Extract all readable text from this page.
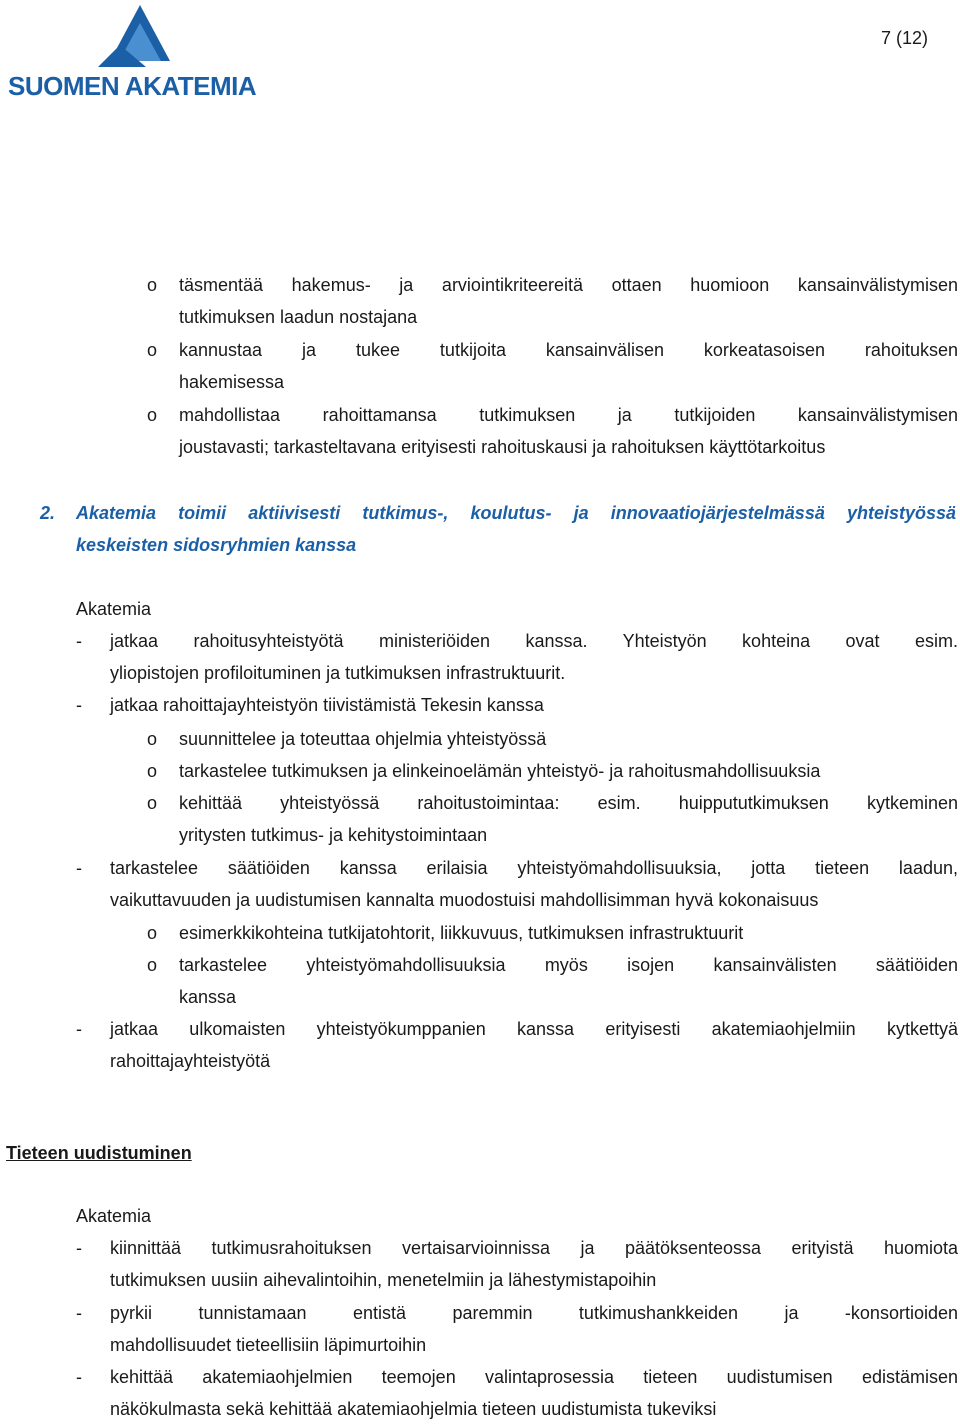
SUOMEN AKATEMIA
7 (12)
o täsmentää hakemus- ja arviointikriteereitä ottaen huomioon kansainvälistymisen
tutkimuksen laadun nostajana
o kannustaa ja tukee tutkijoita kansainvälisen korkeatasoisen rahoituksen
hakemisessa
o mahdollistaa rahoittamansa tutkimuksen ja tutkijoiden kansainvälistymisen
joustavasti; tarkasteltavana erityisesti rahoituskausi ja rahoituksen käyttötarkoitus
2. Akatemia toimii aktiivisesti tutkimus-, koulutus- ja innovaatiojärjestelmässä yhteistyössä
keskeisten sidosryhmien kanssa
Akatemia
- jatkaa rahoitusyhteistyötä ministeriöiden kanssa. Yhteistyön kohteina ovat esim.
yliopistojen profiloituminen ja tutkimuksen infrastruktuurit.
- jatkaa rahoittajayhteistyön tiivistämistä Tekesin kanssa
o suunnittelee ja toteuttaa ohjelmia yhteistyössä
o tarkastelee tutkimuksen ja elinkeinoelämän yhteistyö- ja rahoitusmahdollisuuksia
o kehittää yhteistyössä rahoitustoimintaa: esim. huippututkimuksen kytkeminen
yritysten tutkimus- ja kehitystoimintaan
- tarkastelee säätiöiden kanssa erilaisia yhteistyömahdollisuuksia, jotta tieteen laadun,
vaikuttavuuden ja uudistumisen kannalta muodostuisi mahdollisimman hyvä kokonaisuus
o esimerkkikohteina tutkijatohtorit, liikkuvuus, tutkimuksen infrastruktuurit
o tarkastelee yhteistyömahdollisuuksia myös isojen kansainvälisten säätiöiden
kanssa
- jatkaa ulkomaisten yhteistyökumppanien kanssa erityisesti akatemiaohjelmiin kytkettyä
rahoittajayhteistyötä
Tieteen uudistuminen
Akatemia
- kiinnittää tutkimusrahoituksen vertaisarvioinnissa ja päätöksenteossa erityistä huomiota
tutkimuksen uusiin aihevalintoihin, menetelmiin ja lähestymistapoihin
- pyrkii tunnistamaan entistä paremmin tutkimushankkeiden ja -konsortioiden
mahdollisuudet tieteellisiin läpimurtoihin
- kehittää akatemiaohjelmien teemojen valintaprosessia tieteen uudistumisen edistämisen
näkökulmasta sekä kehittää akatemiaohjelmia tieteen uudistumista tukeviksi
